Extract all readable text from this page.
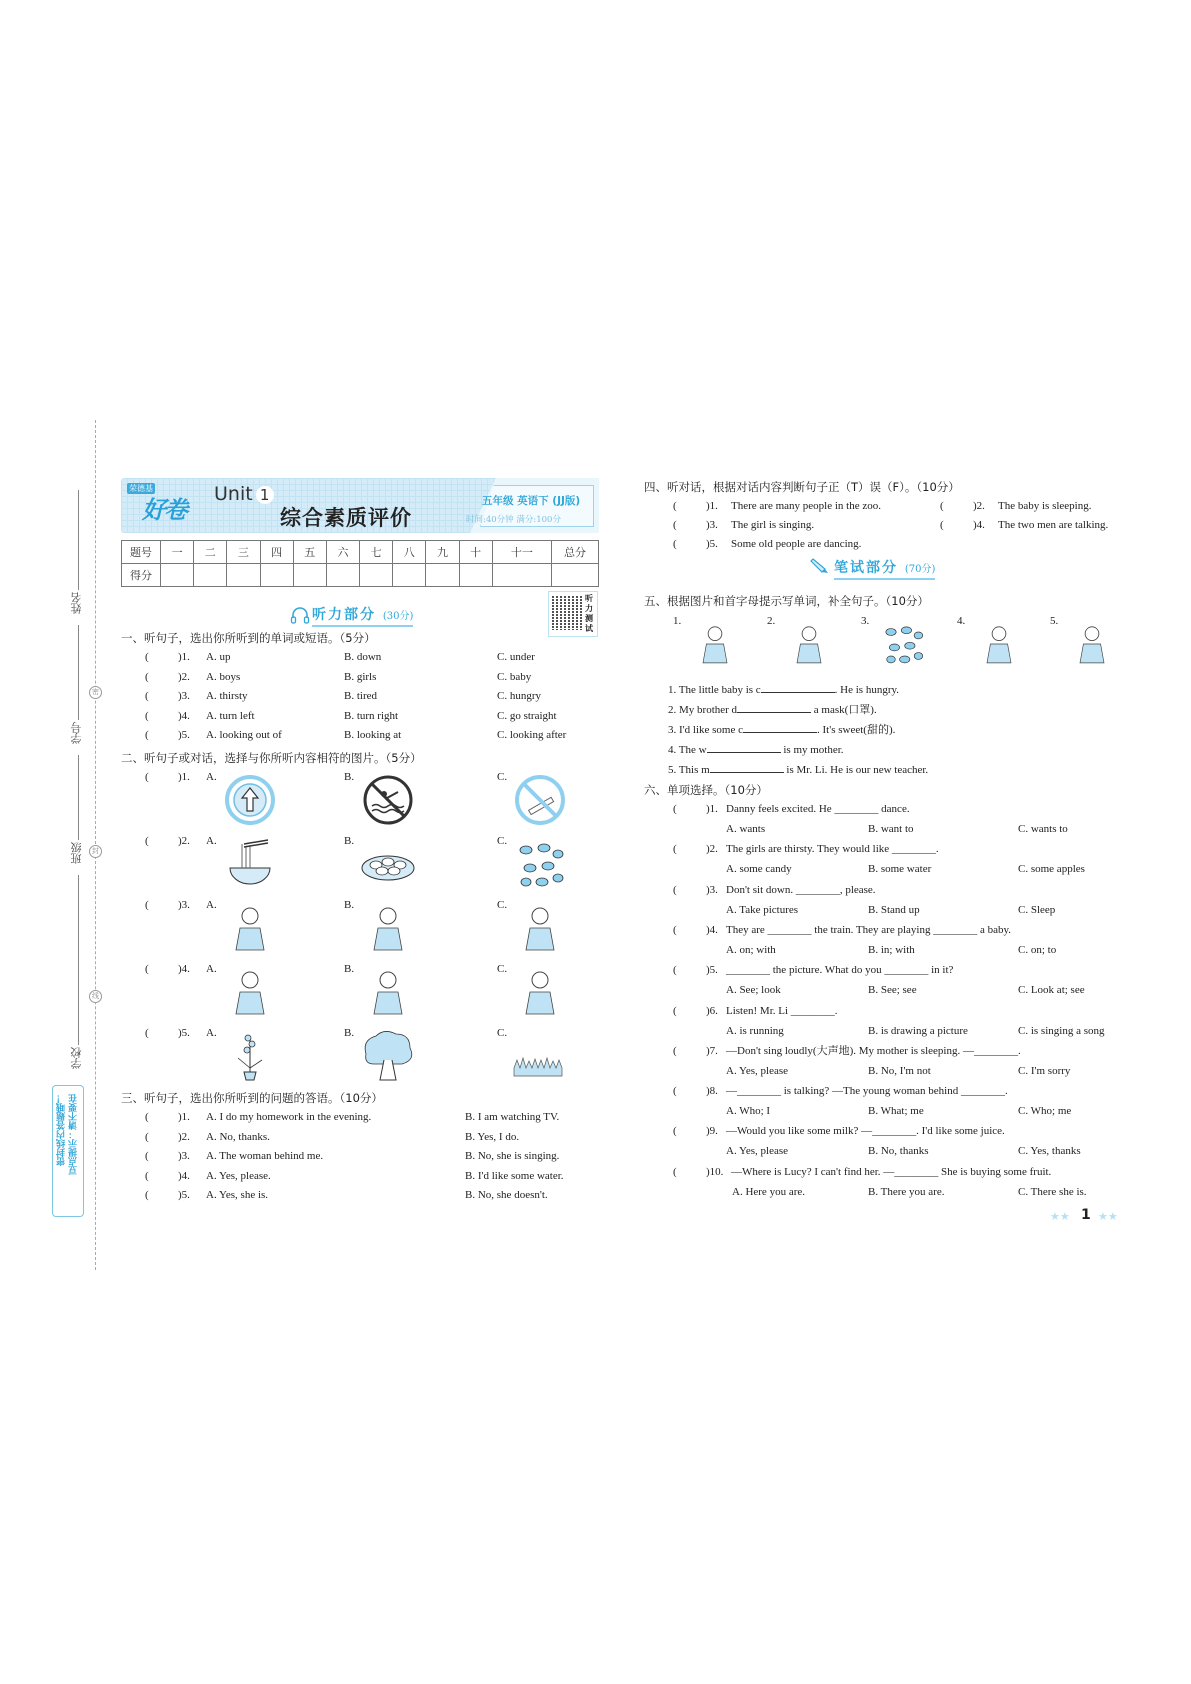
姓名
学号
班级
学校
密
封
线
豆点提示：请不要在
密封线内答题哦！
荣德基
好卷
Unit 1
综合素质评价
五年级 英语下 (JJ版)
时间:40分钟 满分:100分
题号	一	二	三	四	五	六	七	八	九	十	十一	总分
得分												
听力部分 (30分)
听力测试
一、听句子，选出你所听到的单词或短语。（5分）
(	)1. A. up	B. down	C. under
(	)2. A. boys	B. girls	C. baby
(	)3. A. thirsty	B. tired	C. hungry
(	)4. A. turn left	B. turn right	C. go straight
(	)5. A. looking out of	B. looking at	C. looking after
二、听句子或对话，选择与你所听内容相符的图片。（5分）
(	)1. A.	B.	C.
(	)2. A.	B.	C.
(	)3. A.	B.	C.
(	)4. A.	B.	C.
(	)5. A.	B.	C.
三、听句子，选出你所听到的问题的答语。（10分）
(	)1. A. I do my homework in the evening.	B. I am watching TV.
(	)2. A. No, thanks.	B. Yes, I do.
(	)3. A. The woman behind me.	B. No, she is singing.
(	)4. A. Yes, please.	B. I'd like some water.
(	)5. A. Yes, she is.	B. No, she doesn't.
四、听对话，根据对话内容判断句子正（T）误（F）。（10分）
(	)1. There are many people in the zoo.	(	)2. The baby is sleeping.
(	)3. The girl is singing.	(	)4. The two men are talking.
(	)5. Some old people are dancing.
笔试部分 (70分)
五、根据图片和首字母提示写单词，补全句子。（10分）
1.	2.	3.	4.	5.
1. The little baby is c	. He is hungry.
2. My brother d	a mask(口罩).
3. I'd like some c	. It's sweet(甜的).
4. The w	is my mother.
5. This m	is Mr. Li. He is our new teacher.
六、单项选择。（10分）
(	)1. Danny feels excited. He ________ dance.
A. wants	B. want to	C. wants to
(	)2. The girls are thirsty. They would like ________.
A. some candy	B. some water	C. some apples
(	)3. Don't sit down. ________, please.
A. Take pictures	B. Stand up	C. Sleep
(	)4. They are ________ the train. They are playing ________ a baby.
A. on; with	B. in; with	C. on; to
(	)5. ________ the picture. What do you ________ in it?
A. See; look	B. See; see	C. Look at; see
(	)6. Listen! Mr. Li ________.
A. is running	B. is drawing a picture	C. is singing a song
(	)7. —Don't sing loudly(大声地). My mother is sleeping. —________.
A. Yes, please	B. No, I'm not	C. I'm sorry
(	)8. —________ is talking? —The young woman behind ________.
A. Who; I	B. What; me	C. Who; me
(	)9. —Would you like some milk? —________. I'd like some juice.
A. Yes, please	B. No, thanks	C. Yes, thanks
(	)10. —Where is Lucy? I can't find her. —________ She is buying some fruit.
A. Here you are.	B. There you are.	C. There she is.
★★ 1 ★★
